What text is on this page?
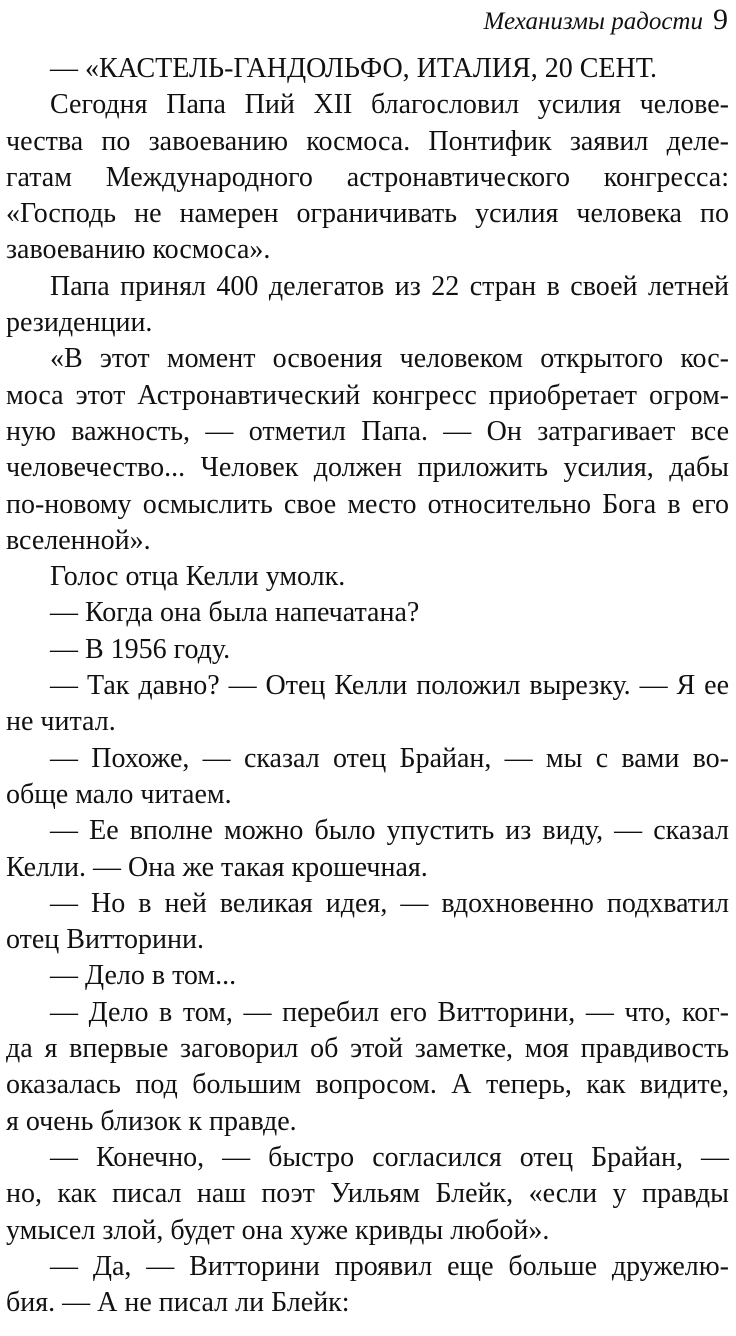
Механизмы радости 9
— «КАСТЕЛЬ-ГАНДОЛЬФО, ИТАЛИЯ, 20 СЕНТ.
Сегодня Папа Пий XII благословил усилия челове-
чества по завоеванию космоса. Понтифик заявил деле-
гатам Международного астронавтического конгресса:
«Господь не намерен ограничивать усилия человека по
завоеванию космоса».
Папа принял 400 делегатов из 22 стран в своей летней
резиденции.
«В этот момент освоения человеком открытого кос-
моса этот Астронавтический конгресс приобретает огром-
ную важность, — отметил Папа. — Он затрагивает все
человечество... Человек должен приложить усилия, дабы
по-новому осмыслить свое место относительно Бога в его
вселенной».
Голос отца Келли умолк.
— Когда она была напечатана?
— В 1956 году.
— Так давно? — Отец Келли положил вырезку. — Я ее
не читал.
— Похоже, — сказал отец Брайан, — мы с вами во-
обще мало читаем.
— Ее вполне можно было упустить из виду, — сказал
Келли. — Она же такая крошечная.
— Но в ней великая идея, — вдохновенно подхватил
отец Витторини.
— Дело в том...
— Дело в том, — перебил его Витторини, — что, ког-
да я впервые заговорил об этой заметке, моя правдивость
оказалась под большим вопросом. А теперь, как видите,
я очень близок к правде.
— Конечно, — быстро согласился отец Брайан, —
но, как писал наш поэт Уильям Блейк, «если у правды
умысел злой, будет она хуже кривды любой».
— Да, — Витторини проявил еще больше дружелю-
бия. — А не писал ли Блейк:
